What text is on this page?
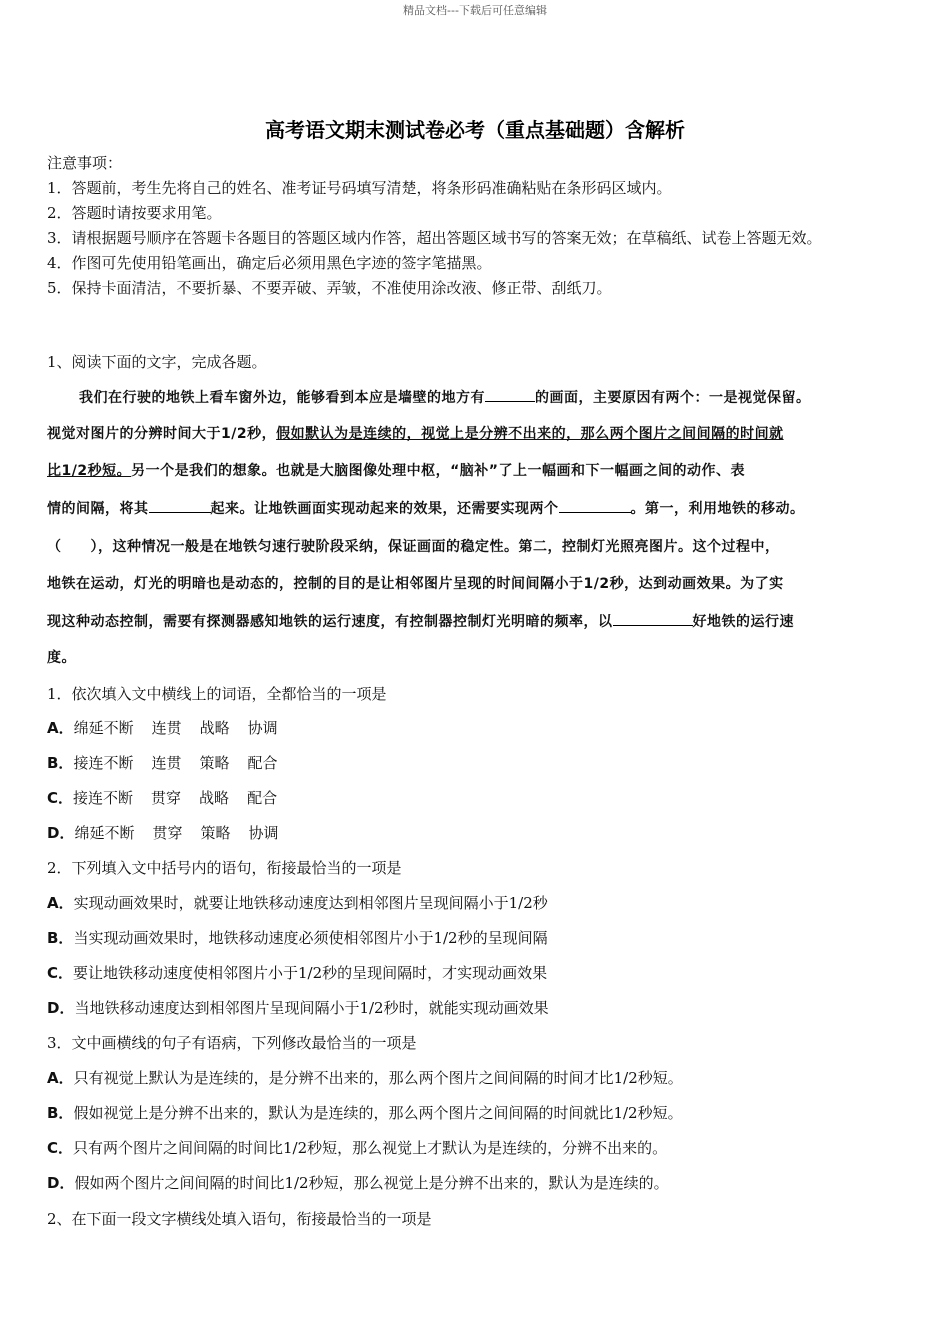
精品文档---下载后可任意编辑
高考语文期末测试卷必考（重点基础题）含解析
注意事项：
1．答题前，考生先将自己的姓名、准考证号码填写清楚，将条形码准确粘贴在条形码区域内。
2．答题时请按要求用笔。
3．请根据题号顺序在答题卡各题目的答题区域内作答，超出答题区域书写的答案无效；在草稿纸、试卷上答题无效。
4．作图可先使用铅笔画出，确定后必须用黑色字迹的签字笔描黑。
5．保持卡面清洁，不要折暴、不要弄破、弄皱，不准使用涂改液、修正带、刮纸刀。
1、阅读下面的文字，完成各题。
我们在行驶的地铁上看车窗外边，能够看到本应是墙壁的地方有	的画面，主要原因有两个：一是视觉保留。
视觉对图片的分辨时间大于1/2秒，假如默认为是连续的，视觉上是分辨不出来的，那么两个图片之间间隔的时间就
比1/2秒短。另一个是我们的想象。也就是大脑图像处理中枢，“脑补”了上一幅画和下一幅画之间的动作、表
情的间隔，将其	起来。让地铁画面实现动起来的效果，还需要实现两个	。第一，利用地铁的移动。
（　　），这种情况一般是在地铁匀速行驶阶段采纳，保证画面的稳定性。第二，控制灯光照亮图片。这个过程中，
地铁在运动，灯光的明暗也是动态的，控制的目的是让相邻图片呈现的时间间隔小于1/2秒，达到动画效果。为了实
现这种动态控制，需要有探测器感知地铁的运行速度，有控制器控制灯光明暗的频率，以	好地铁的运行速
度。
1．依次填入文中横线上的词语，全都恰当的一项是
A．绵延不断 连贯 战略 协调
B．接连不断 连贯 策略 配合
C．接连不断 贯穿 战略 配合
D．绵延不断 贯穿 策略 协调
2．下列填入文中括号内的语句，衔接最恰当的一项是
A．实现动画效果时，就要让地铁移动速度达到相邻图片呈现间隔小于1/2秒
B．当实现动画效果时，地铁移动速度必须使相邻图片小于1/2秒的呈现间隔
C．要让地铁移动速度使相邻图片小于1/2秒的呈现间隔时，才实现动画效果
D．当地铁移动速度达到相邻图片呈现间隔小于1/2秒时，就能实现动画效果
3．文中画横线的句子有语病，下列修改最恰当的一项是
A．只有视觉上默认为是连续的，是分辨不出来的，那么两个图片之间间隔的时间才比1/2秒短。
B．假如视觉上是分辨不出来的，默认为是连续的，那么两个图片之间间隔的时间就比1/2秒短。
C．只有两个图片之间间隔的时间比1/2秒短，那么视觉上才默认为是连续的，分辨不出来的。
D．假如两个图片之间间隔的时间比1/2秒短，那么视觉上是分辨不出来的，默认为是连续的。
2、在下面一段文字横线处填入语句，衔接最恰当的一项是
